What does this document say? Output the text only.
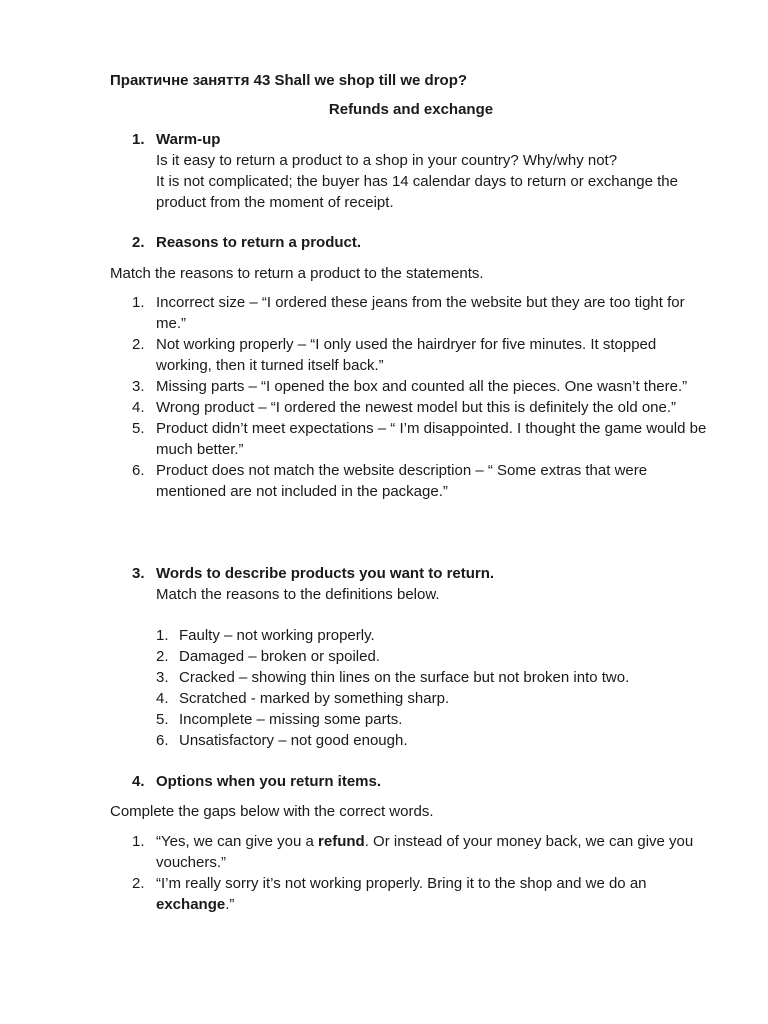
Практичне заняття 43 Shall we shop till we drop?
Refunds and exchange
1. Warm-up
Is it easy to return a product to a shop in your country? Why/why not?
It is not complicated; the buyer has 14 calendar days to return or exchange the product from the moment of receipt.
2. Reasons to return a product.
Match the reasons to return a product to the statements.
1. Incorrect size – “I ordered these jeans from the website but they are too tight for me.”
2. Not working properly – “I only used the hairdryer for five minutes. It stopped working, then it turned itself back.”
3. Missing parts – “I opened the box and counted all the pieces. One wasn’t there.”
4. Wrong product – “I ordered the newest model but this is definitely the old one.”
5. Product didn’t meet expectations – “ I’m disappointed. I thought the game would be much better.”
6. Product does not match the website description – “ Some extras that were mentioned are not included in the package.”
3. Words to describe products you want to return.
Match the reasons to the definitions below.
1. Faulty – not working properly.
2. Damaged – broken or spoiled.
3. Cracked – showing thin lines on the surface but not broken into two.
4. Scratched - marked by something sharp.
5. Incomplete – missing some parts.
6. Unsatisfactory – not good enough.
4. Options when you return items.
Complete the gaps below with the correct words.
1. “Yes, we can give you a refund. Or instead of your money back, we can give you vouchers.”
2. “I’m really sorry it’s not working properly. Bring it to the shop and we do an exchange.”
